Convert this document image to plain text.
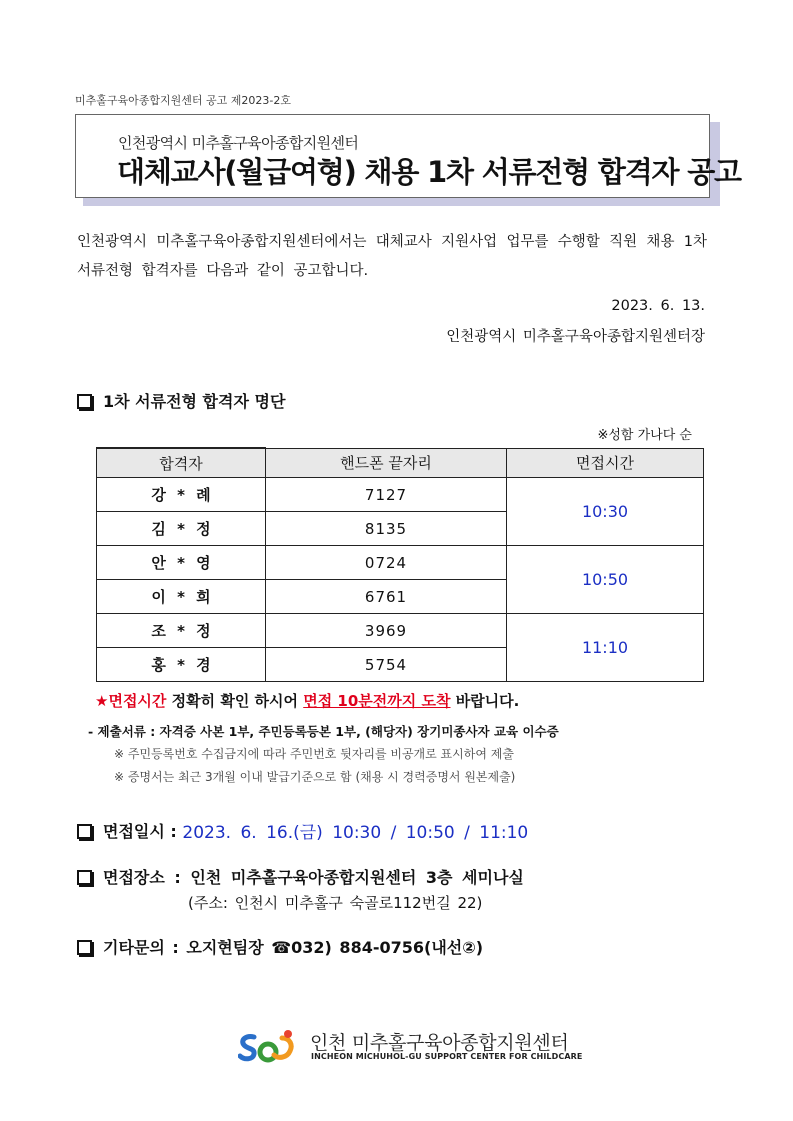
미추홀구육아종합지원센터 공고 제2023-2호
인천광역시 미추홀구육아종합지원센터
대체교사(월급여형) 채용 1차 서류전형 합격자 공고
인천광역시 미추홀구육아종합지원센터에서는 대체교사 지원사업 업무를 수행할 직원 채용 1차 서류전형 합격자를 다음과 같이 공고합니다.
2023. 6. 13.
인천광역시 미추홀구육아종합지원센터장
1차 서류전형 합격자 명단
※성함 가나다 순
합격자	핸드폰 끝자리	면접시간
강 * 례	7127	10:30
김 * 정	8135	
안 * 영	0724	10:50
이 * 희	6761	
조 * 정	3969	11:10
홍 * 경	5754	
★면접시간 정확히 확인 하시어 면접 10분전까지 도착 바랍니다.
- 제출서류 : 자격증 사본 1부, 주민등록등본 1부, (해당자) 장기미종사자 교육 이수증
※ 주민등록번호 수집금지에 따라 주민번호 뒷자리를 비공개로 표시하여 제출
※ 증명서는 최근 3개월 이내 발급기준으로 함 (채용 시 경력증명서 원본제출)
면접일시 :
2023. 6. 16.(금) 10:30 / 10:50 / 11:10
면접장소 :
인천 미추홀구육아종합지원센터 3층 세미나실
(주소: 인천시 미추홀구 숙골로112번길 22)
기타문의 :
오지현팀장 ☎032) 884-0756(내선②)
인천 미추홀구육아종합지원센터
INCHEON MICHUHOL-GU SUPPORT CENTER FOR CHILDCARE
